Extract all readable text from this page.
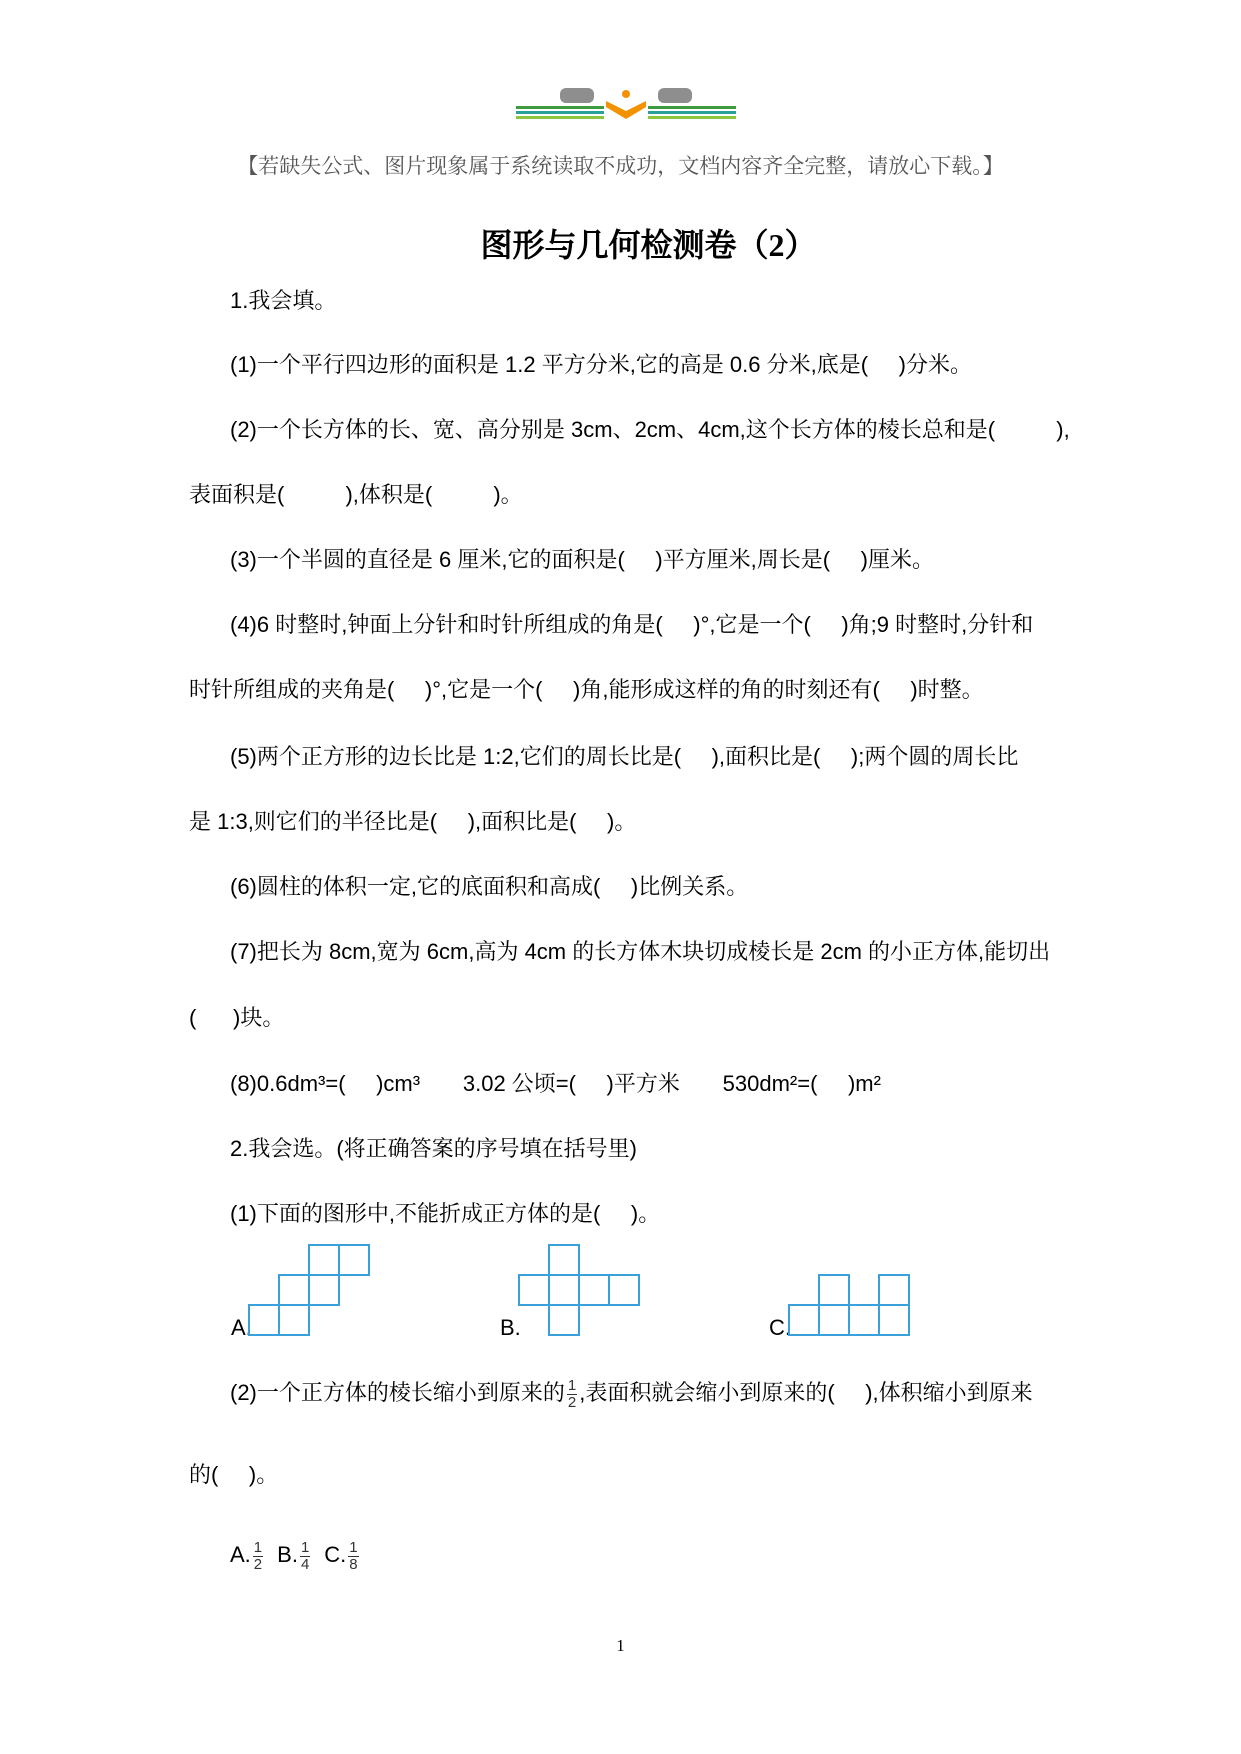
【若缺失公式、图片现象属于系统读取不成功，文档内容齐全完整，请放心下载。】
图形与几何检测卷（2）
1.我会填。
(1)一个平行四边形的面积是 1.2 平方分米,它的高是 0.6 分米,底是(     )分米。
(2)一个长方体的长、宽、高分别是 3cm、2cm、4cm,这个长方体的棱长总和是(          ),
表面积是(          ),体积是(          )。
(3)一个半圆的直径是 6 厘米,它的面积是(     )平方厘米,周长是(     )厘米。
(4)6 时整时,钟面上分针和时针所组成的角是(     )°,它是一个(     )角;9 时整时,分针和
时针所组成的夹角是(     )°,它是一个(     )角,能形成这样的角的时刻还有(     )时整。
(5)两个正方形的边长比是 1:2,它们的周长比是(     ),面积比是(     );两个圆的周长比
是 1:3,则它们的半径比是(     ),面积比是(     )。
(6)圆柱的体积一定,它的底面积和高成(     )比例关系。
(7)把长为 8cm,宽为 6cm,高为 4cm 的长方体木块切成棱长是 2cm 的小正方体,能切出
(      )块。
(8)0.6dm³=(     )cm³       3.02 公顷=(     )平方米       530dm²=(     )m²
2.我会选。(将正确答案的序号填在括号里)
(1)下面的图形中,不能折成正方体的是(     )。
A.	B.	C.
(2)一个正方体的棱长缩小到原来的 $\frac{1}{2}$ ,表面积就会缩小到原来的(     ),体积缩小到原来
的(     )。
A. $\frac{1}{2} B$. $\frac{1}{4} C$. $\frac{1}{8}$
1
